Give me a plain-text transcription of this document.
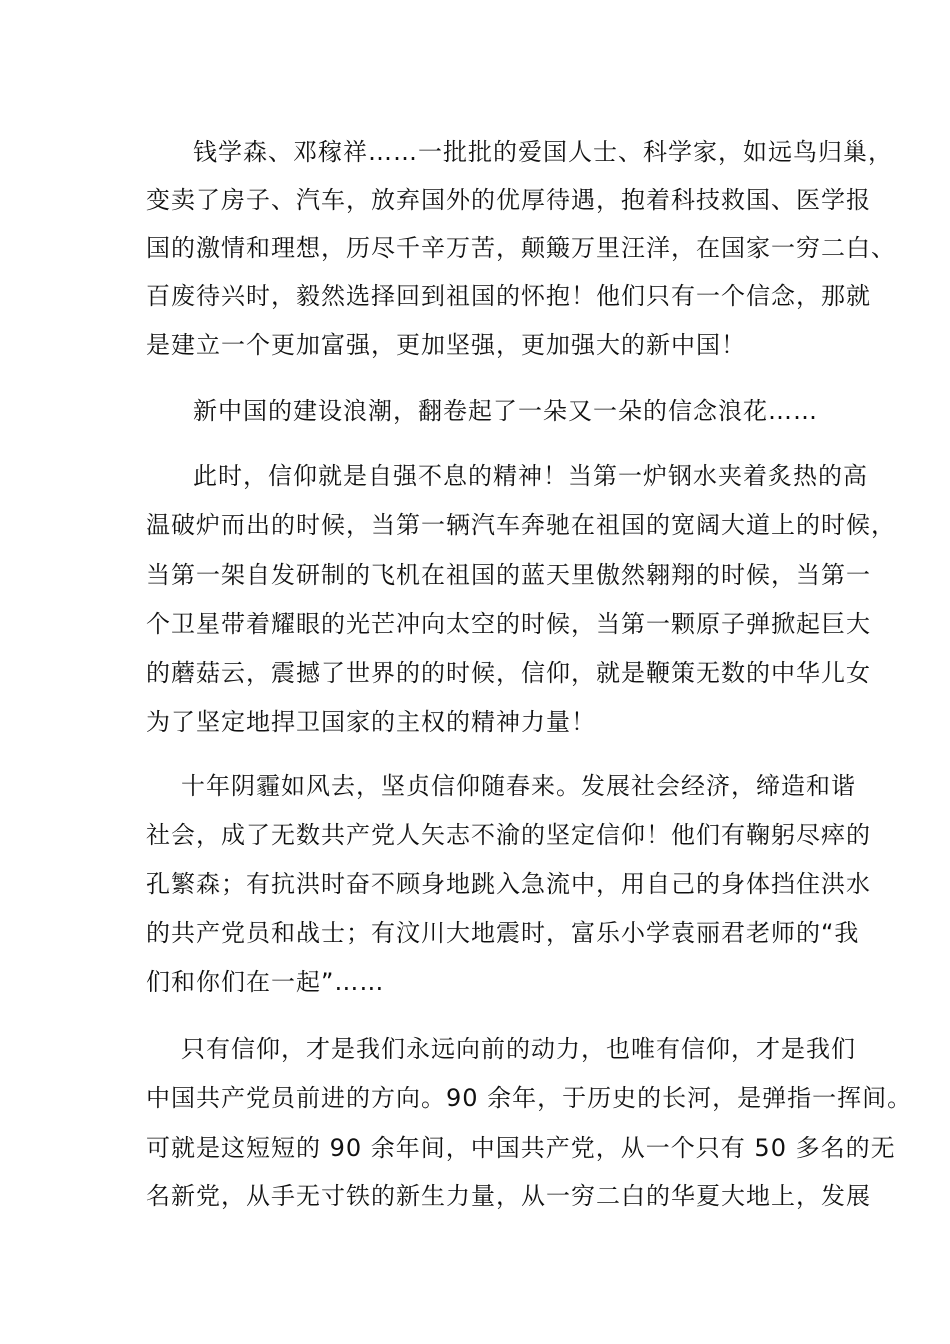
钱学森、邓稼祥……一批批的爱国人士、科学家，如远鸟归巢，
变卖了房子、汽车，放弃国外的优厚待遇，抱着科技救国、医学报
国的激情和理想，历尽千辛万苦，颠簸万里汪洋，在国家一穷二白、
百废待兴时，毅然选择回到祖国的怀抱！他们只有一个信念，那就
是建立一个更加富强，更加坚强，更加强大的新中国！
新中国的建设浪潮，翻卷起了一朵又一朵的信念浪花……
此时，信仰就是自强不息的精神！当第一炉钢水夹着炙热的高
温破炉而出的时候，当第一辆汽车奔驰在祖国的宽阔大道上的时候，
当第一架自发研制的飞机在祖国的蓝天里傲然翱翔的时候，当第一
个卫星带着耀眼的光芒冲向太空的时候，当第一颗原子弹掀起巨大
的蘑菇云，震撼了世界的的时候，信仰，就是鞭策无数的中华儿女
为了坚定地捍卫国家的主权的精神力量！
十年阴霾如风去，坚贞信仰随春来。发展社会经济，缔造和谐
社会，成了无数共产党人矢志不渝的坚定信仰！他们有鞠躬尽瘁的
孔繁森；有抗洪时奋不顾身地跳入急流中，用自己的身体挡住洪水
的共产党员和战士；有汶川大地震时，富乐小学袁丽君老师的“我
们和你们在一起”……
只有信仰，才是我们永远向前的动力，也唯有信仰，才是我们
中国共产党员前进的方向。90 余年，于历史的长河，是弹指一挥间。
可就是这短短的 90 余年间，中国共产党，从一个只有 50 多名的无
名新党，从手无寸铁的新生力量，从一穷二白的华夏大地上，发展
